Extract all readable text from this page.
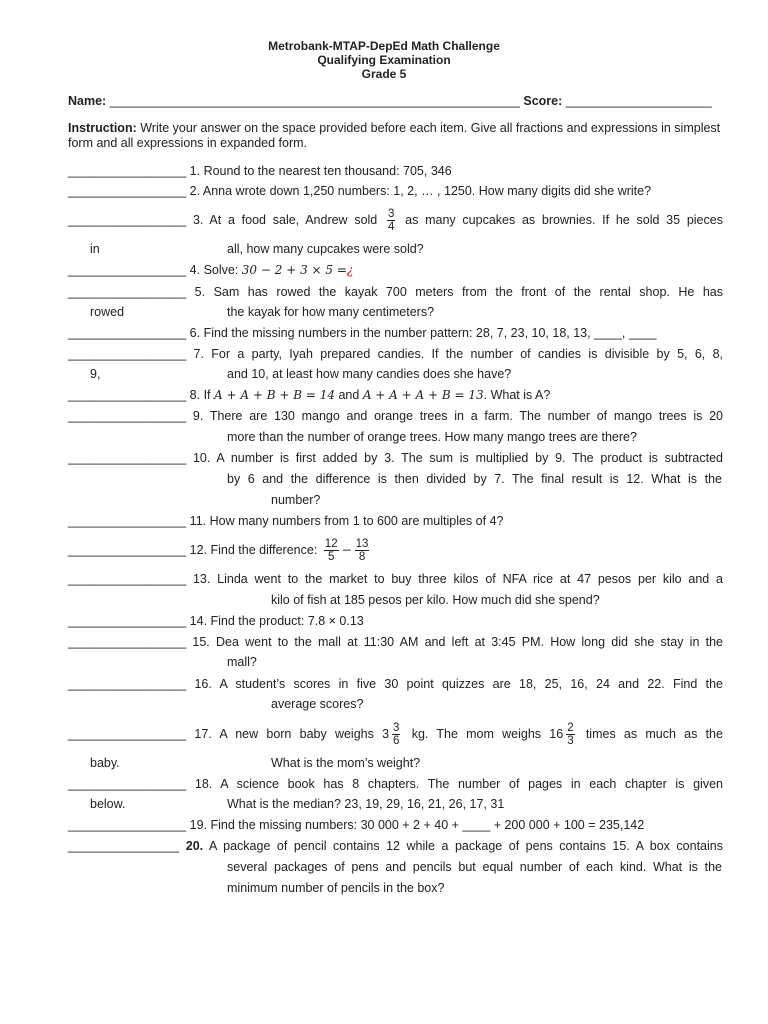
Metrobank-MTAP-DepEd Math Challenge
Qualifying Examination
Grade 5
Name: ___________________________________________________________ Score: _____________________
Instruction: Write your answer on the space provided before each item. Give all fractions and expressions in simplest form and all expressions in expanded form.
_________________ 1. Round to the nearest ten thousand: 705, 346
_________________ 2. Anna wrote down 1,250 numbers: 1, 2, … , 1250. How many digits did she write?
_________________ 3. At a food sale, Andrew sold $\frac{3}{4}$ as many cupcakes as brownies. If he sold 35 pieces
in	all, how many cupcakes were sold?
_________________ 4. Solve: 30 − 2 + 3 × 5 =¿
_________________ 5. Sam has rowed the kayak 700 meters from the front of the rental shop. He has
rowed	the kayak for how many centimeters?
_________________ 6. Find the missing numbers in the number pattern: 28, 7, 23, 10, 18, 13, ____, ____
_________________ 7. For a party, Iyah prepared candies. If the number of candies is divisible by 5, 6, 8,
9,	and 10, at least how many candies does she have?
_________________ 8. If A + A + B + B = 14 and A + A + A + B = 13. What is A?
_________________ 9. There are 130 mango and orange trees in a farm. The number of mango trees is 20
more than the number of orange trees. How many mango trees are there?
_________________ 10. A number is first added by 3. The sum is multiplied by 9. The product is subtracted
by 6 and the difference is then divided by 7. The final result is 12. What is the
number?
_________________ 11. How many numbers from 1 to 600 are multiples of 4?
_________________ 12. Find the difference: $\frac{12}{5} - \frac{13}{8}$
_________________ 13. Linda went to the market to buy three kilos of NFA rice at 47 pesos per kilo and a
kilo of fish at 185 pesos per kilo. How much did she spend?
_________________ 14. Find the product: 7.8 × 0.13
_________________ 15. Dea went to the mall at 11:30 AM and left at 3:45 PM. How long did she stay in the
mall?
_________________ 16. A student’s scores in five 30 point quizzes are 18, 25, 16, 24 and 22. Find the
average scores?
_________________ 17. A new born baby weighs $3 \frac{3}{6}$ kg. The mom weighs $16 \frac{2}{3}$ times as much as the
baby.	What is the mom’s weight?
_________________ 18. A science book has 8 chapters. The number of pages in each chapter is given
below.	What is the median? 23, 19, 29, 16, 21, 26, 17, 31
_________________ 19. Find the missing numbers: 30 000 + 2 + 40 + ____ + 200 000 + 100 = 235,142
________________ 20. A package of pencil contains 12 while a package of pens contains 15. A box contains
several packages of pens and pencils but equal number of each kind. What is the
minimum number of pencils in the box?
